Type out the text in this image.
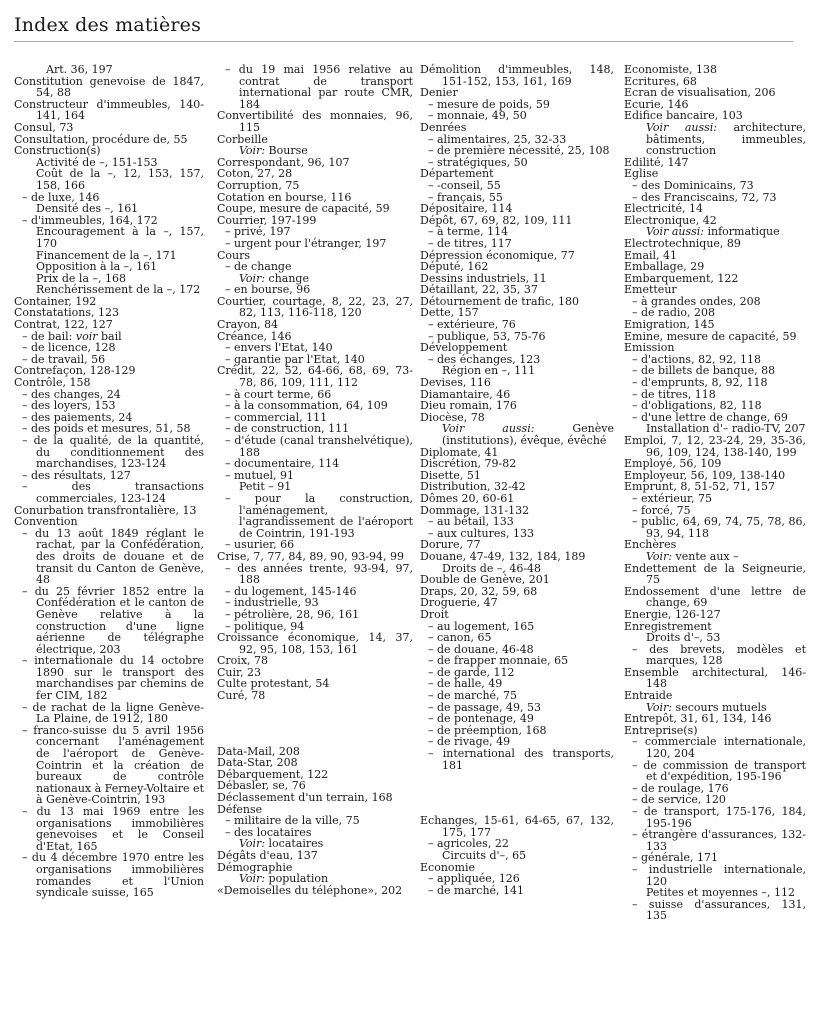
Index des matières

Art. 36, 197

Constitution genevoise de 1847, 54, 88

Constructeur d'immeubles, 140-141, 164

Consul, 73

Consultation, procédure de, 55

Construction(s)

Activité de –, 151-153

Coût de la –, 12, 153, 157, 158, 166

– de luxe, 146

Densité des –, 161

– d'immeubles, 164, 172

Encouragement à la –, 157, 170

Financement de la –, 171

Opposition à la –, 161

Prix de la –, 168

Renchérissement de la –, 172

Container, 192

Constatations, 123

Contrat, 122, 127

– de bail: voir bail

– de licence, 128

– de travail, 56

Contrefaçon, 128-129

Contrôle, 158

– des changes, 24

– des loyers, 153

– des paiements, 24

– des poids et mesures, 51, 58

– de la qualité, de la quantité, du conditionnement des marchandises, 123-124

– des résultats, 127

– des transactions commerciales, 123-124

Conurbation transfrontalière, 13

Convention

– du 13 août 1849 réglant le rachat, par la Confédération, des droits de douane et de transit du Canton de Genève, 48

– du 25 février 1852 entre la Confédération et le canton de Genève relative à la construction d'une ligne aérienne de télégraphe électrique, 203

– internationale du 14 octobre 1890 sur le transport des marchandises par chemins de fer CIM, 182

– de rachat de la ligne Genève-La Plaine, de 1912, 180

– franco-suisse du 5 avril 1956 concernant l'aménagement de l'aéroport de Genève-Cointrin et la création de bureaux de contrôle nationaux à Ferney-Voltaire et à Genève-Cointrin, 193

– du 13 mai 1969 entre les organisations immobilières genevoises et le Conseil d'Etat, 165

– du 4 décembre 1970 entre les organisations immobilières romandes et l'Union syndicale suisse, 165

– du 19 mai 1956 relative au contrat de transport international par route CMR, 184

Convertibilité des monnaies, 96, 115

Corbeille

Voir: Bourse

Correspondant, 96, 107

Coton, 27, 28

Corruption, 75

Cotation en bourse, 116

Coupe, mesure de capacité, 59

Courrier, 197-199

– privé, 197

– urgent pour l'étranger, 197

Cours

– de change

Voir: change

– en bourse, 96

Courtier, courtage, 8, 22, 23, 27, 82, 113, 116-118, 120

Crayon, 84

Créance, 146

– envers l'Etat, 140

– garantie par l'Etat, 140

Crédit, 22, 52, 64-66, 68, 69, 73-78, 86, 109, 111, 112

– à court terme, 66

– à la consommation, 64, 109

– commercial, 111

– de construction, 111

– d'étude (canal transhelvétique), 188

– documentaire, 114

– mutuel, 91

Petit – 91

– pour la construction, l'aménagement, l'agrandissement de l'aéroport de Cointrin, 191-193

– usurier, 66

Crise, 7, 77, 84, 89, 90, 93-94, 99

– des années trente, 93-94, 97, 188

– du logement, 145-146

– industrielle, 93

– pétrolière, 28, 96, 161

– politique, 94

Croissance économique, 14, 37, 92, 95, 108, 153, 161

Croix, 78

Cuir, 23

Culte protestant, 54

Curé, 78

Data-Mail, 208

Data-Star, 208

Débarquement, 122

Débasler, se, 76

Déclassement d'un terrain, 168

Défense

– militaire de la ville, 75

– des locataires

Voir: locataires

Dégâts d'eau, 137

Démographie

Voir: population

«Demoiselles du téléphone», 202

Démolition d'immeubles, 148, 151-152, 153, 161, 169

Denier

– mesure de poids, 59

– monnaie, 49, 50

Denrées

– alimentaires, 25, 32-33

– de première nécessité, 25, 108

– stratégiques, 50

Département

– -conseil, 55

– français, 55

Dépositaire, 114

Dépôt, 67, 69, 82, 109, 111

– à terme, 114

– de titres, 117

Dépression économique, 77

Député, 162

Dessins industriels, 11

Détaillant, 22, 35, 37

Détournement de trafic, 180

Dette, 157

– extérieure, 76

– publique, 53, 75-76

Développement

– des échanges, 123

Région en –, 111

Devises, 116

Diamantaire, 46

Dieu romain, 176

Diocèse, 78

Voir aussi: Genève (institutions), évêque, évêché

Diplomate, 41

Discrétion, 79-82

Disette, 51

Distribution, 32-42

Dômes 20, 60-61

Dommage, 131-132

– au bétail, 133

– aux cultures, 133

Dorure, 77

Douane, 47-49, 132, 184, 189

Droits de –, 46-48

Double de Genève, 201

Draps, 20, 32, 59, 68

Droguerie, 47

Droit

– au logement, 165

– canon, 65

– de douane, 46-48

– de frapper monnaie, 65

– de garde, 112

– de halle, 49

– de marché, 75

– de passage, 49, 53

– de pontenage, 49

– de préemption, 168

– de rivage, 49

– international des transports, 181

Echanges, 15-61, 64-65, 67, 132, 175, 177

– agricoles, 22

Circuits d'–, 65

Economie

– appliquée, 126

– de marché, 141

Economiste, 138

Ecritures, 68

Ecran de visualisation, 206

Ecurie, 146

Edifice bancaire, 103

Voir aussi: architecture, bâtiments, immeubles, construction

Edilité, 147

Eglise

– des Dominicains, 73

– des Franciscains, 72, 73

Electricité, 14

Electronique, 42

Voir aussi: informatique

Electrotechnique, 89

Email, 41

Emballage, 29

Embarquement, 122

Emetteur

– à grandes ondes, 208

– de radio, 208

Emigration, 145

Emine, mesure de capacité, 59

Emission

– d'actions, 82, 92, 118

– de billets de banque, 88

– d'emprunts, 8, 92, 118

– de titres, 118

– d'obligations, 82, 118

– d'une lettre de change, 69

Installation d'– radio-TV, 207

Emploi, 7, 12, 23-24, 29, 35-36, 96, 109, 124, 138-140, 199

Employé, 56, 109

Employeur, 56, 109, 138-140

Emprunt, 8, 51-52, 71, 157

– extérieur, 75

– forcé, 75

– public, 64, 69, 74, 75, 78, 86, 93, 94, 118

Enchères

Voir: vente aux –

Endettement de la Seigneurie, 75

Endossement d'une lettre de change, 69

Energie, 126-127

Enregistrement

Droits d'–, 53

– des brevets, modèles et marques, 128

Ensemble architectural, 146-148

Entraide

Voir: secours mutuels

Entrepôt, 31, 61, 134, 146

Entreprise(s)

– commerciale internationale, 120, 204

– de commission de transport et d'expédition, 195-196

– de roulage, 176

– de service, 120

– de transport, 175-176, 184, 195-196

– étrangère d'assurances, 132-133

– générale, 171

– industrielle internationale, 120

Petites et moyennes –, 112

– suisse d'assurances, 131, 135
